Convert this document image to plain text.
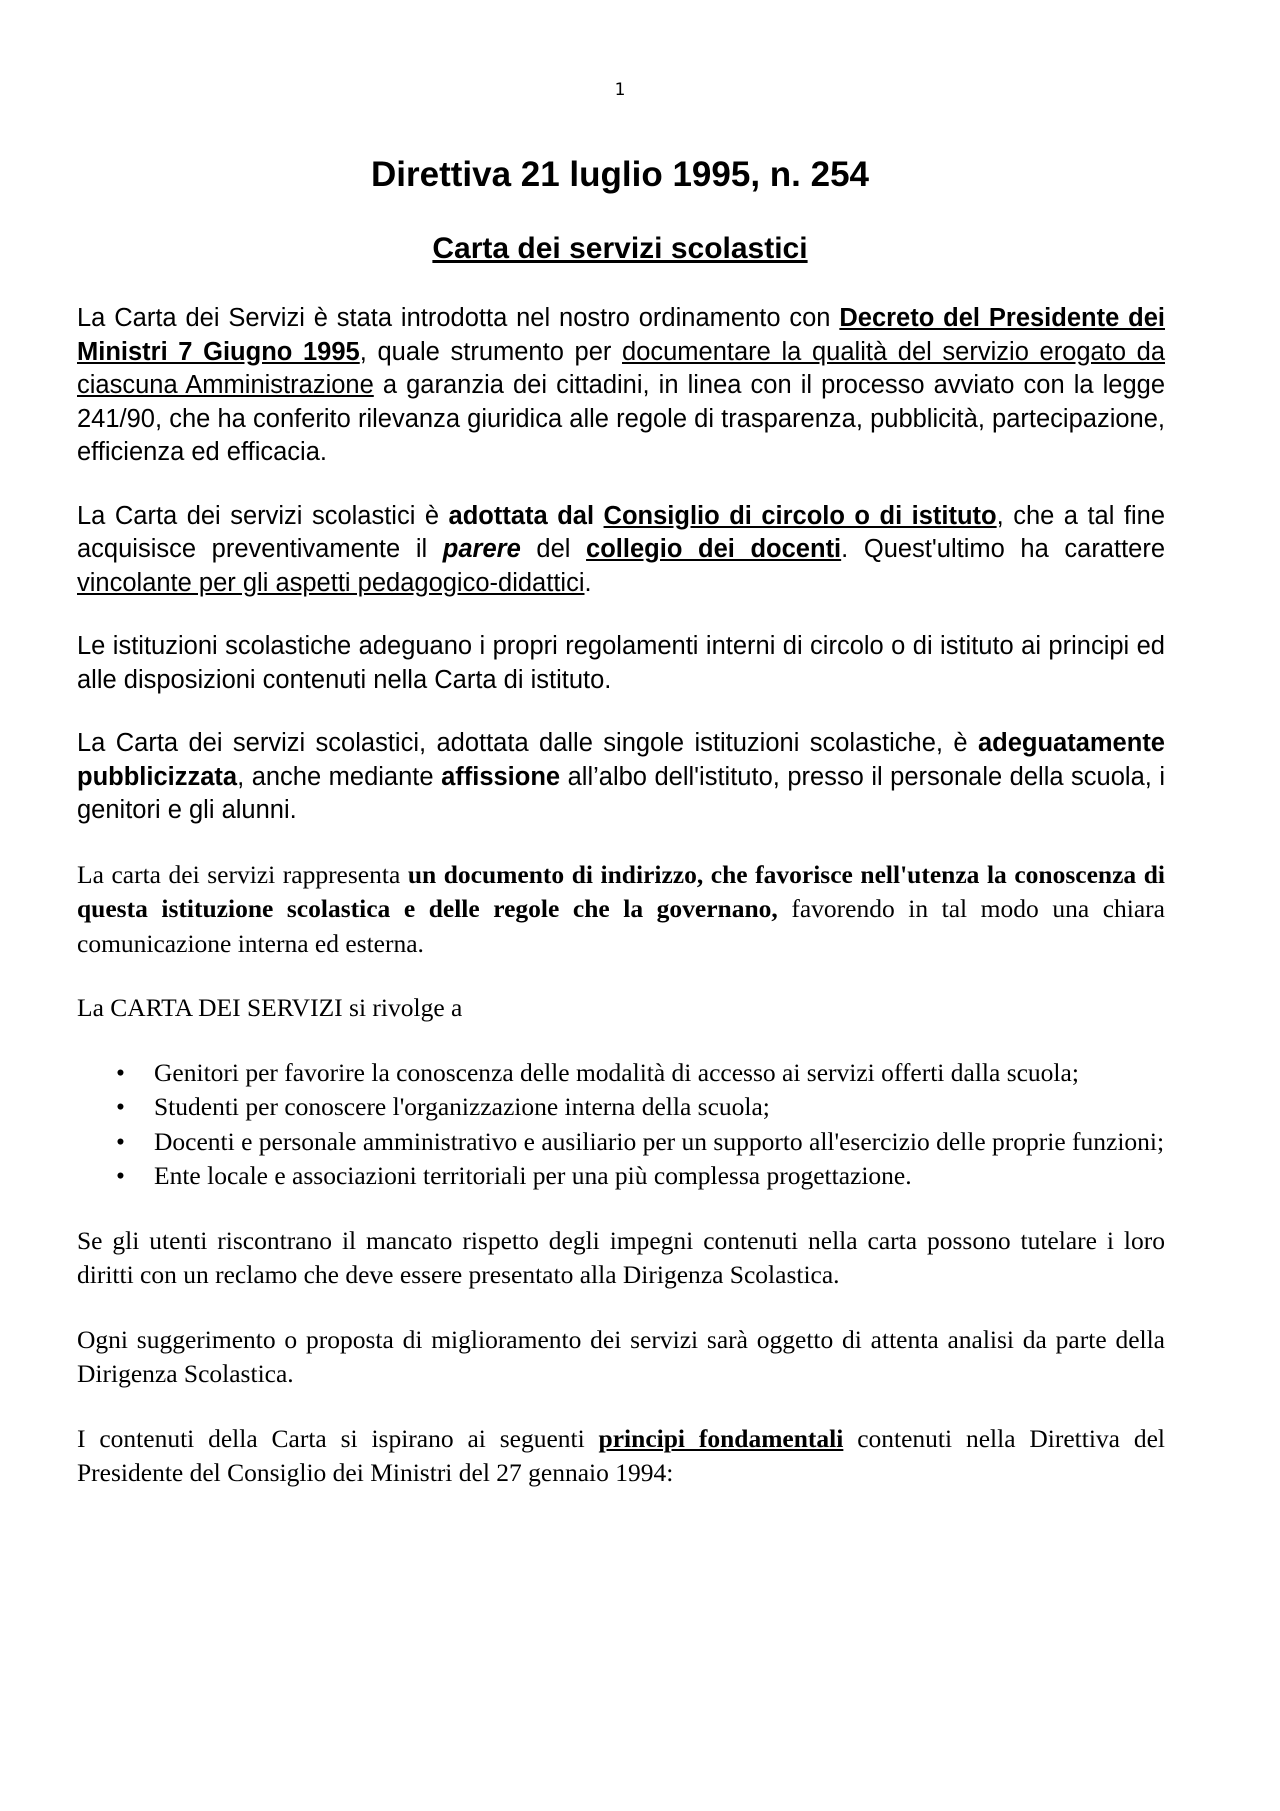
1
Direttiva 21 luglio 1995, n. 254
Carta dei servizi scolastici

La Carta dei Servizi è stata introdotta nel nostro ordinamento con Decreto del Presidente dei Ministri 7 Giugno 1995, quale strumento per documentare la qualità del servizio erogato da ciascuna Amministrazione a garanzia dei cittadini, in linea con il processo avviato con la legge 241/90, che ha conferito rilevanza giuridica alle regole di trasparenza, pubblicità, partecipazione, efficienza ed efficacia.

La Carta dei servizi scolastici è adottata dal Consiglio di circolo o di istituto, che a tal fine acquisisce preventivamente il parere del collegio dei docenti. Quest'ultimo ha carattere vincolante per gli aspetti pedagogico-didattici.

Le istituzioni scolastiche adeguano i propri regolamenti interni di circolo o di istituto ai principi ed alle disposizioni contenuti nella Carta di istituto.

La Carta dei servizi scolastici, adottata dalle singole istituzioni scolastiche, è adeguatamente pubblicizzata, anche mediante affissione all’albo dell'istituto, presso il personale della scuola, i genitori e gli alunni.

La carta dei servizi rappresenta un documento di indirizzo, che favorisce nell'utenza la conoscenza di questa istituzione scolastica e delle regole che la governano, favorendo in tal modo una chiara comunicazione interna ed esterna.

La CARTA DEI SERVIZI si rivolge a

• Genitori per favorire la conoscenza delle modalità di accesso ai servizi offerti dalla scuola;
• Studenti per conoscere l'organizzazione interna della scuola;
• Docenti e personale amministrativo e ausiliario per un supporto all'esercizio delle proprie funzioni;
• Ente locale e associazioni territoriali per una più complessa progettazione.

Se gli utenti riscontrano il mancato rispetto degli impegni contenuti nella carta possono tutelare i loro diritti con un reclamo che deve essere presentato alla Dirigenza Scolastica.

Ogni suggerimento o proposta di miglioramento dei servizi sarà oggetto di attenta analisi da parte della Dirigenza Scolastica.

I contenuti della Carta si ispirano ai seguenti principi fondamentali contenuti nella Direttiva del Presidente del Consiglio dei Ministri del 27 gennaio 1994:
